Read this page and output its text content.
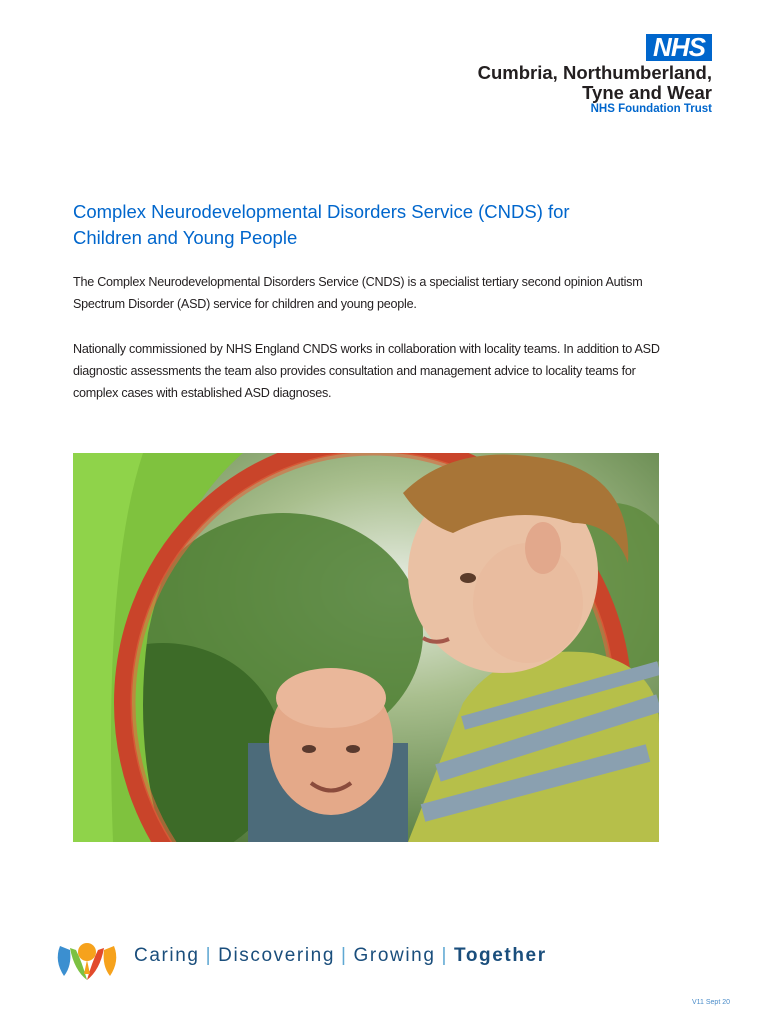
NHS
Cumbria, Northumberland,
Tyne and Wear
NHS Foundation Trust
Complex Neurodevelopmental Disorders Service (CNDS) for
Children and Young People

The Complex Neurodevelopmental Disorders Service (CNDS) is a specialist tertiary second opinion Autism Spectrum Disorder (ASD) service for children and young people.

Nationally commissioned by NHS England CNDS works in collaboration with locality teams. In addition to ASD diagnostic assessments the team also provides consultation and management advice to locality teams for complex cases with established ASD diagnoses.

Caring | Discovering | Growing | Together
V11 Sept 20
